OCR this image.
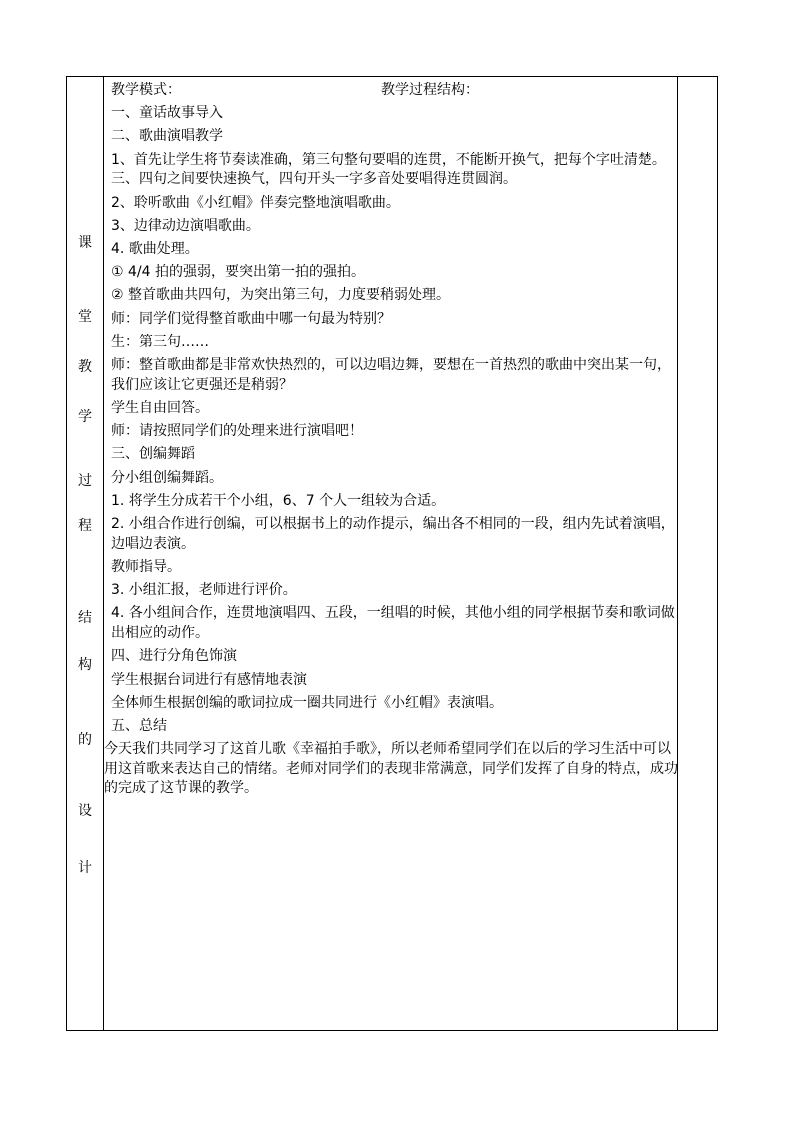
课
堂
教
学
过
程
结
构
的
设
计
教学模式：	教学过程结构：

一、童话故事导入

二、歌曲演唱教学

1、首先让学生将节奏读准确，第三句整句要唱的连贯，不能断开换气，把每个字吐清楚。三、四句之间要快速换气，四句开头一字多音处要唱得连贯圆润。

2、聆听歌曲《小红帽》伴奏完整地演唱歌曲。

3、边律动边演唱歌曲。

4. 歌曲处理。

① 4/4 拍的强弱，要突出第一拍的强拍。

② 整首歌曲共四句，为突出第三句，力度要稍弱处理。

师：同学们觉得整首歌曲中哪一句最为特别？

生：第三句……

师：整首歌曲都是非常欢快热烈的，可以边唱边舞，要想在一首热烈的歌曲中突出某一句，我们应该让它更强还是稍弱？

学生自由回答。

师：请按照同学们的处理来进行演唱吧！

三、创编舞蹈

分小组创编舞蹈。

1. 将学生分成若干个小组，6、7 个人一组较为合适。

2. 小组合作进行创编，可以根据书上的动作提示，编出各不相同的一段，组内先试着演唱，边唱边表演。

教师指导。

3. 小组汇报，老师进行评价。

4. 各小组间合作，连贯地演唱四、五段，一组唱的时候，其他小组的同学根据节奏和歌词做出相应的动作。

四、进行分角色饰演

学生根据台词进行有感情地表演

全体师生根据创编的歌词拉成一圈共同进行《小红帽》表演唱。

五、总结

今天我们共同学习了这首儿歌《幸福拍手歌》，所以老师希望同学们在以后的学习生活中可以用这首歌来表达自己的情绪。老师对同学们的表现非常满意，同学们发挥了自身的特点，成功的完成了这节课的教学。
